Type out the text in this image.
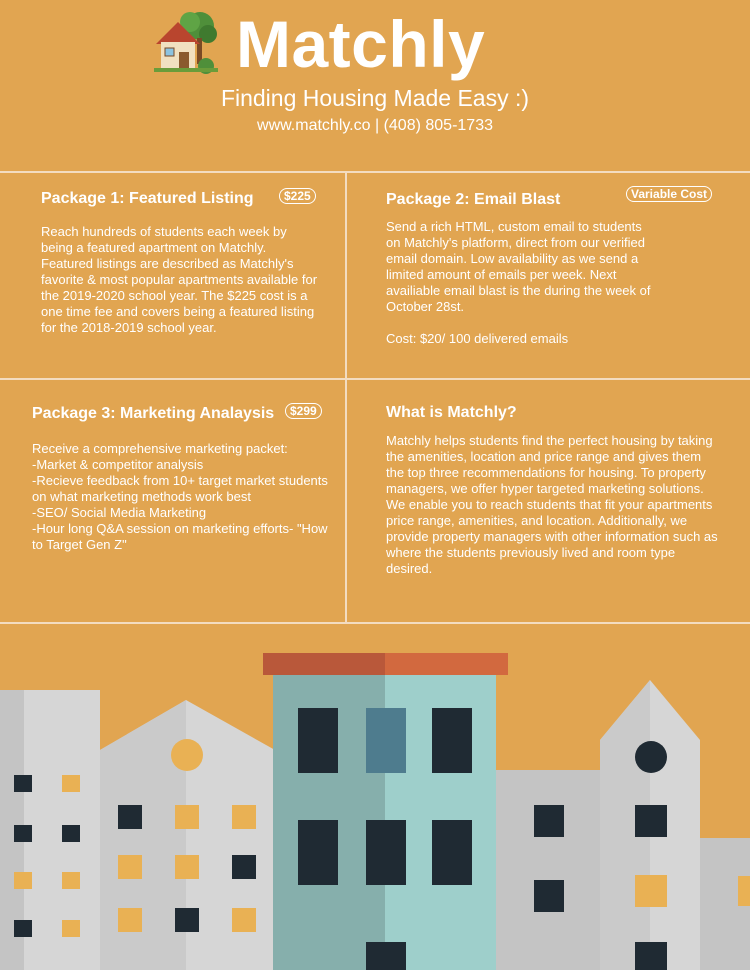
Matchly
Finding Housing Made Easy :)
www.matchly.co | (408) 805-1733
Package 1: Featured Listing	$225

Reach hundreds of students each week by being a featured apartment on Matchly. Featured listings are described as Matchly's favorite & most popular apartments available for the 2019-2020 school year. The $225 cost is a one time fee and covers being a featured listing for the 2018-2019 school year.

Package 2: Email Blast	Variable Cost

Send a rich HTML, custom email to students on Matchly's platform, direct from our verified email domain. Low availability as we send a limited amount of emails per week. Next availiable email blast is the during the week of October 28st.

Cost: $20/ 100 delivered emails

Package 3: Marketing Analaysis	$299

Receive a comprehensive marketing packet:

-Market & competitor analysis

-Recieve feedback from 10+ target market students on what marketing methods work best

-SEO/ Social Media Marketing

-Hour long Q&A session on marketing efforts- "How to Target Gen Z"

What is Matchly?

Matchly helps students find the perfect housing by taking the amenities, location and price range and gives them the top three recommendations for housing. To property managers, we offer hyper targeted marketing solutions. We enable you to reach students that fit your apartments price range, amenities, and location. Additionally, we provide property managers with other information such as where the students previously lived and room type desired.
